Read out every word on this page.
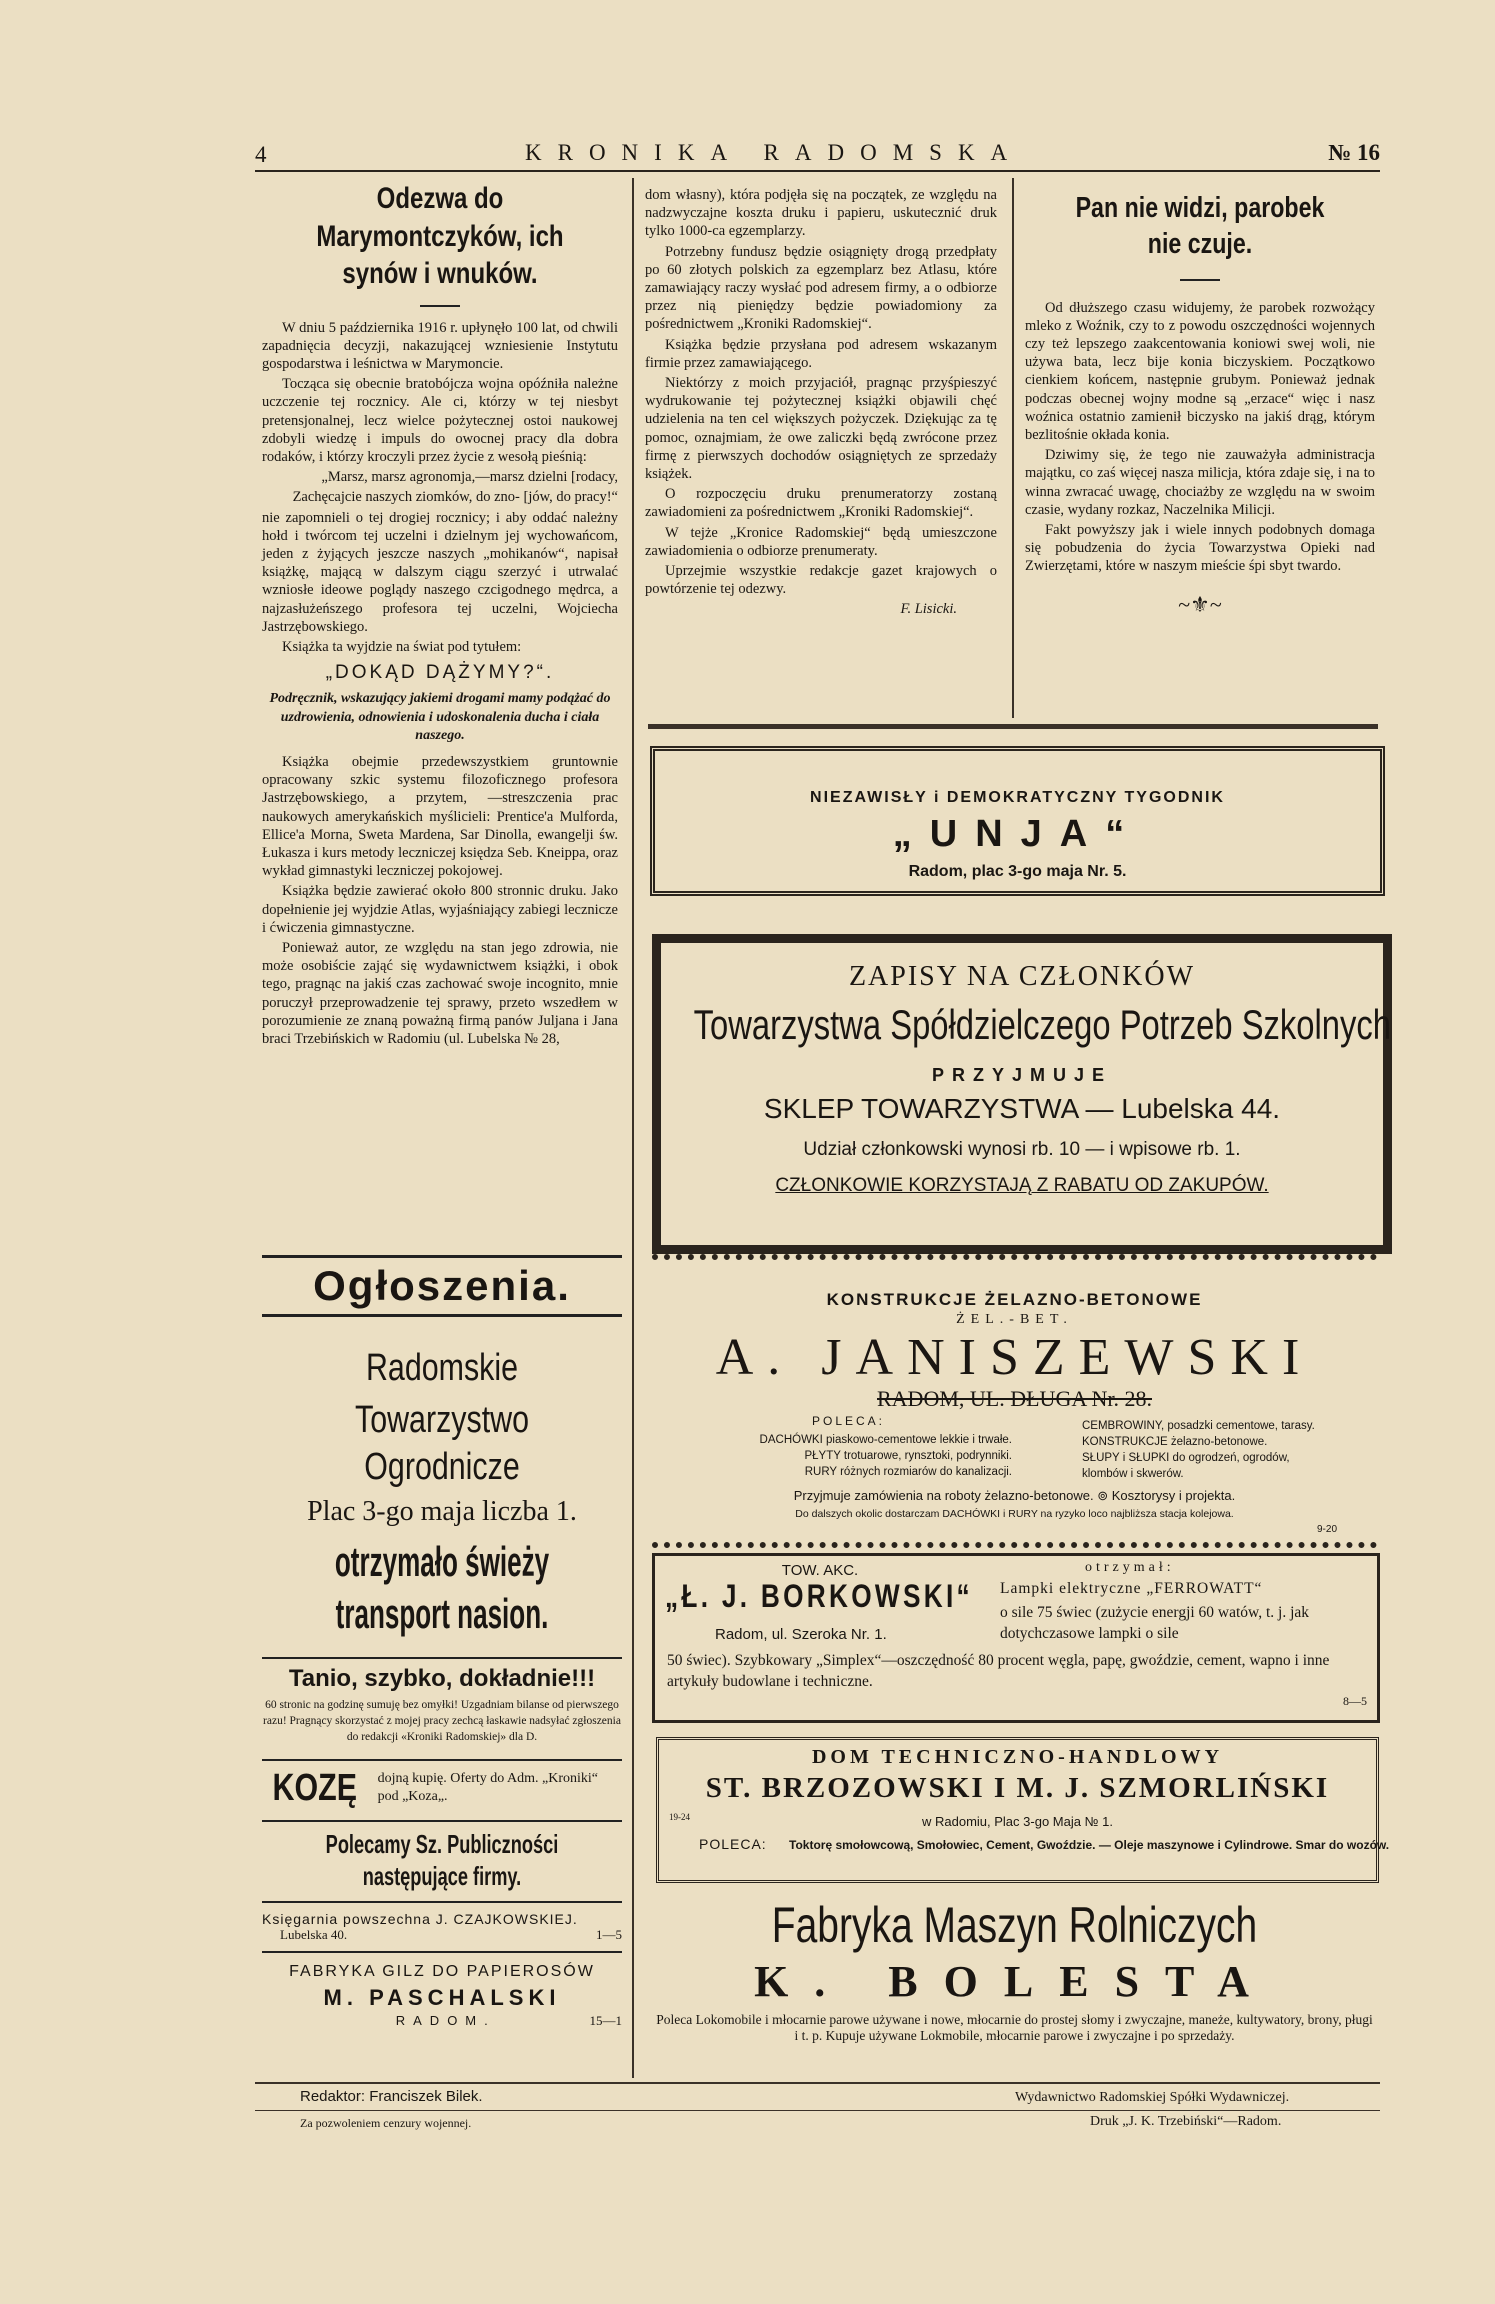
4	KRONIKA RADOMSKA	№ 16
Odezwa do Marymontczyków, ich synów i wnuków.

W dniu 5 października 1916 r. upłynęło 100 lat, od chwili zapadnięcia decyzji, nakazującej wzniesienie Instytutu gospodarstwa i leśnictwa w Marymoncie.

Tocząca się obecnie bratobójcza wojna opóźniła należne uczczenie tej rocznicy. Ale ci, którzy w tej niesbyt pretensjonalnej, lecz wielce pożytecznej ostoi naukowej zdobyli wiedzę i impuls do owocnej pracy dla dobra rodaków, i którzy kroczyli przez życie z wesołą pieśnią:

„Marsz, marsz agronomja,—marsz dzielni [rodacy,

Zachęcajcie naszych ziomków, do zno- [jów, do pracy!“

nie zapomnieli o tej drogiej rocznicy; i aby oddać należny hołd i twórcom tej uczelni i dzielnym jej wychowańcom, jeden z żyjących jeszcze naszych „mohikanów“, napisał książkę, mającą w dalszym ciągu szerzyć i utrwalać wzniosłe ideowe poglądy naszego czcigodnego mędrca, a najzasłużeńszego profesora tej uczelni, Wojciecha Jastrzębowskiego.

Książka ta wyjdzie na świat pod tytułem:

„DOKĄD DĄŻYMY?“.
Podręcznik, wskazujący jakiemi drogami mamy podążać do uzdrowienia, odnowienia i udoskonalenia ducha i ciała naszego.

Książka obejmie przedewszystkiem gruntownie opracowany szkic systemu filozoficznego profesora Jastrzębowskiego, a przytem, —streszczenia prac naukowych amerykańskich myślicieli: Prentice'a Mulforda, Ellice'a Morna, Sweta Mardena, Sar Dinolla, ewangelji św. Łukasza i kurs metody leczniczej księdza Seb. Kneippa, oraz wykład gimnastyki leczniczej pokojowej.

Książka będzie zawierać około 800 stronnic druku. Jako dopełnienie jej wyjdzie Atlas, wyjaśniający zabiegi lecznicze i ćwiczenia gimnastyczne.

Ponieważ autor, ze względu na stan jego zdrowia, nie może osobiście zająć się wydawnictwem książki, i obok tego, pragnąc na jakiś czas zachować swoje incognito, mnie poruczył przeprowadzenie tej sprawy, przeto wszedłem w porozumienie ze znaną poważną firmą panów Juljana i Jana braci Trzebińskich w Radomiu (ul. Lubelska № 28,

dom własny), która podjęła się na początek, ze względu na nadzwyczajne koszta druku i papieru, uskutecznić druk tylko 1000-ca egzemplarzy.

Potrzebny fundusz będzie osiągnięty drogą przedpłaty po 60 złotych polskich za egzemplarz bez Atlasu, które zamawiający raczy wysłać pod adresem firmy, a o odbiorze przez nią pieniędzy będzie powiadomiony za pośrednictwem „Kroniki Radomskiej“.

Książka będzie przysłana pod adresem wskazanym firmie przez zamawiającego.

Niektórzy z moich przyjaciół, pragnąc przyśpieszyć wydrukowanie tej pożytecznej książki objawili chęć udzielenia na ten cel większych pożyczek. Dziękując za tę pomoc, oznajmiam, że owe zaliczki będą zwrócone przez firmę z pierwszych dochodów osiągniętych ze sprzedaży książek.

O rozpoczęciu druku prenumeratorzy zostaną zawiadomieni za pośrednictwem „Kroniki Radomskiej“.

W tejże „Kronice Radomskiej“ będą umieszczone zawiadomienia o odbiorze prenumeraty.

Uprzejmie wszystkie redakcje gazet krajowych o powtórzenie tej odezwy.

F. Lisicki.
Pan nie widzi, parobek nie czuje.

Od dłuższego czasu widujemy, że parobek rozwożący mleko z Woźnik, czy to z powodu oszczędności wojennych czy też lepszego zaakcentowania koniowi swej woli, nie używa bata, lecz bije konia biczyskiem. Początkowo cienkiem końcem, następnie grubym. Ponieważ jednak podczas obecnej wojny modne są „erzace“ więc i nasz woźnica ostatnio zamienił biczysko na jakiś drąg, którym bezlitośnie okłada konia.

Dziwimy się, że tego nie zauważyła administracja majątku, co zaś więcej nasza milicja, która zdaje się, i na to winna zwracać uwagę, chociażby ze względu na w swoim czasie, wydany rozkaz, Naczelnika Milicji.

Fakt powyższy jak i wiele innych podobnych domaga się pobudzenia do życia Towarzystwa Opieki nad Zwierzętami, które w naszym mieście śpi sbyt twardo.

~⚜~
Ogłoszenia.
Radomskie
Towarzystwo Ogrodnicze
Plac 3-go maja liczba 1.
otrzymało świeży transport nasion.
Tanio, szybko, dokładnie!!!
60 stronic na godzinę sumuję bez omyłki! Uzgadniam bilanse od pierwszego razu! Pragnący skorzystać z mojej pracy zechcą łaskawie nadsyłać zgłoszenia do redakcji «Kroniki Radomskiej» dla D.
KOZĘ dojną kupię. Oferty do Adm. „Kroniki“ pod „Koza„.
Polecamy Sz. Publiczności następujące firmy.
Księgarnia powszechna J. CZAJKOWSKIEJ.
Lubelska 40.	1—5
FABRYKA GILZ DO PAPIEROSÓW
M. PASCHALSKI
RADOM.	15—1
NIEZAWISŁY i DEMOKRATYCZNY TYGODNIK
„UNJA“
Radom, plac 3-go maja Nr. 5.
ZAPISY NA CZŁONKÓW
Towarzystwa Spółdzielczego Potrzeb Szkolnych
PRZYJMUJE
SKLEP TOWARZYSTWA — Lubelska 44.
Udział członkowski wynosi rb. 10 — i wpisowe rb. 1.
CZŁONKOWIE KORZYSTAJĄ Z RABATU OD ZAKUPÓW.
KONSTRUKCJE ŻELAZNO-BETONOWE
ŻEL.-BET.
A. JANISZEWSKI
RADOM, UL. DŁUGA Nr. 28.
POLECA:
DACHÓWKI piaskowo-cementowe lekkie i trwałe.
PŁYTY trotuarowe, rynsztoki, podrynniki.
RURY różnych rozmiarów do kanalizacji.
CEMBROWINY, posadzki cementowe, tarasy.
KONSTRUKCJE żelazno-betonowe.
SŁUPY i SŁUPKI do ogrodzeń, ogrodów, klombów i skwerów.
Przyjmuje zamówienia na roboty żelazno-betonowe. ⊚ Kosztorysy i projekta.
Do dalszych okolic dostarczam DACHÓWKI i RURY na ryzyko loco najbliższa stacja kolejowa.
9-20
TOW. AKC.
„Ł. J. BORKOWSKI“
Radom, ul. Szeroka Nr. 1.
otrzymał:
Lampki elektryczne „FERROWATT“
o sile 75 świec (zużycie energji 60 watów, t. j. jak dotychczasowe lampki o sile
50 świec). Szybkowary „Simplex“—oszczędność 80 procent węgla, papę, gwoździe, cement, wapno i inne artykuły budowlane i techniczne.
8—5
DOM TECHNICZNO-HANDLOWY
ST. BRZOZOWSKI I M. J. SZMORLIŃSKI
19-24	w Radomiu, Plac 3-go Maja № 1.
POLECA: Toktorę smołowcową, Smołowiec, Cement, Gwoździe. — Oleje maszynowe i Cylindrowe. Smar do wozów.
Fabryka Maszyn Rolniczych
K. BOLESTA
Poleca Lokomobile i młocarnie parowe używane i nowe, młocarnie do prostej słomy i zwyczajne, maneże, kultywatory, brony, pługi i t. p. Kupuje używane Lokmobile, młocarnie parowe i zwyczajne i po sprzedaży.
Redaktor: Franciszek Bilek.	Wydawnictwo Radomskiej Spółki Wydawniczej.
Za pozwoleniem cenzury wojennej.	Druk „J. K. Trzebiński“—Radom.
